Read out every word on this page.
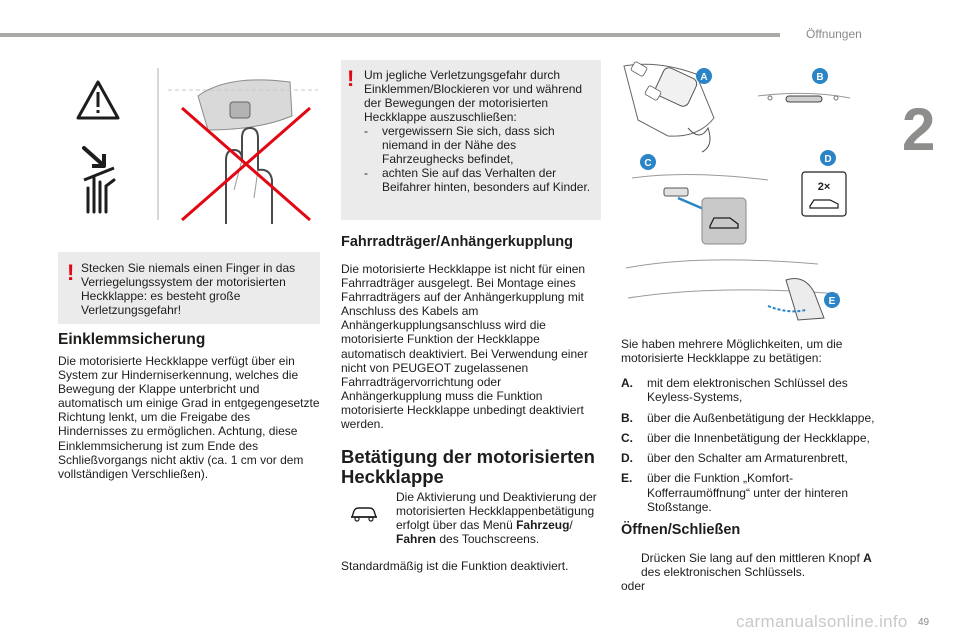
Öffnungen
2
! Stecken Sie niemals einen Finger in das Verriegelungssystem der motorisierten Heckklappe: es besteht große Verletzungsgefahr!
Einklemmsicherung
Die motorisierte Heckklappe verfügt über ein System zur Hinderniserkennung, welches die Bewegung der Klappe unterbricht und automatisch um einige Grad in entgegengesetzte Richtung lenkt, um die Freigabe des Hindernisses zu ermöglichen. Achtung, diese Einklemmsicherung ist zum Ende des Schließvorgangs nicht aktiv (ca. 1 cm vor dem vollständigen Verschließen).
! Um jegliche Verletzungsgefahr durch Einklemmen/Blockieren vor und während der Bewegungen der motorisierten Heckklappe auszuschließen:
- vergewissern Sie sich, dass sich niemand in der Nähe des Fahrzeughecks befindet,
- achten Sie auf das Verhalten der Beifahrer hinten, besonders auf Kinder.
Fahrradträger/Anhängerkupplung
Die motorisierte Heckklappe ist nicht für einen Fahrradträger ausgelegt. Bei Montage eines Fahrradträgers auf der Anhängerkupplung mit Anschluss des Kabels am Anhängerkupplungsanschluss wird die motorisierte Funktion der Heckklappe automatisch deaktiviert. Bei Verwendung einer nicht von PEUGEOT zugelassenen Fahrradträgervorrichtung oder Anhängerkupplung muss die Funktion motorisierte Heckklappe unbedingt deaktiviert werden.
Betätigung der motorisierten Heckklappe
Die Aktivierung und Deaktivierung der motorisierten Heckklappenbetätigung erfolgt über das Menü Fahrzeug/
Fahren des Touchscreens.
Standardmäßig ist die Funktion deaktiviert.
A	B
C	D
2×
E
Sie haben mehrere Möglichkeiten, um die motorisierte Heckklappe zu betätigen:
A. mit dem elektronischen Schlüssel des Keyless-Systems,
B. über die Außenbetätigung der Heckklappe,
C. über die Innenbetätigung der Heckklappe,
D. über den Schalter am Armaturenbrett,
E. über die Funktion „Komfort-Kofferraumöffnung“ unter der hinteren Stoßstange.
Öffnen/Schließen
Drücken Sie lang auf den mittleren Knopf A des elektronischen Schlüssels.
oder
carmanualsonline.info 49
